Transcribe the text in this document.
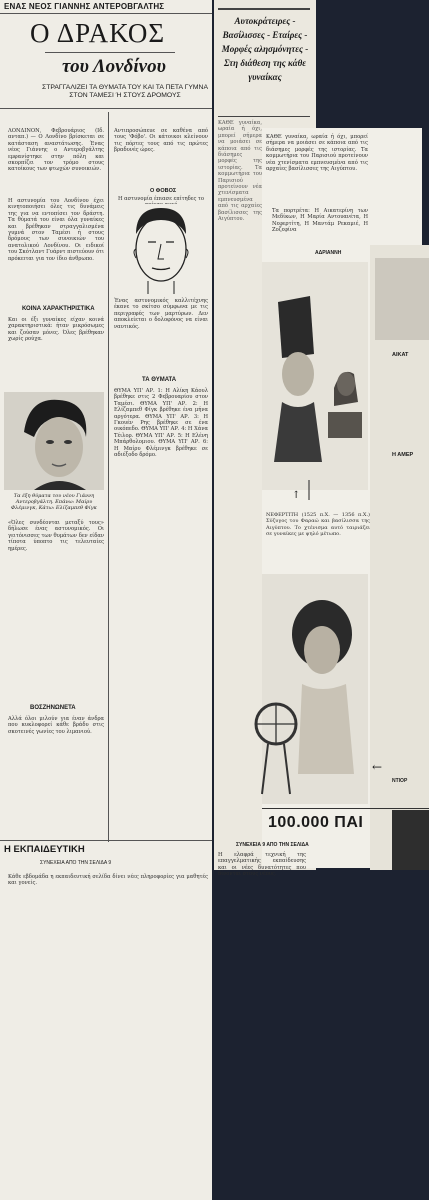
ΕΝΑΣ ΝΕΟΣ ΓΙΑΝΝΗΣ ΑΝΤΕΡΟΒΓΑΛΤΗΣ
Ο ΔΡΑΚΟΣ
του Λονδίνου
ΣΤΡΑΓΓΑΛΙΖΕΙ ΤΑ ΘΥΜΑΤΑ ΤΟΥ ΚΑΙ ΤΑ ΠΕΤΑ ΓΥΜΝΑ ΣΤΟΝ ΤΑΜΕΣΙ Ή ΣΤΟΥΣ ΔΡΟΜΟΥΣ
ΛΟΝΔΙΝΟΝ, Φεβρουάριος (Ιδ. ανταπ.) — Ο Λονδίνο βρίσκεται σε κατάσταση αναστάτωσης. Ένας νέος Γιάννης ο Αντεροβγάλτης εμφανίστηκε στην πόλη και σκορπίζει τον τρόμο στους κατοίκους των φτωχών συνοικιών.
Η αστυνομία του Λονδίνου έχει κινητοποιήσει όλες τις δυνάμεις της για να εντοπίσει τον δράστη. Τα θύματά του είναι όλα γυναίκες και βρέθηκαν στραγγαλισμένα γυμνά στον Ταμέσι ή στους δρόμους των συνοικιών του ανατολικού Λονδίνου. Οι ειδικοί του Σκότλαντ Γυάρντ πιστεύουν ότι πρόκειται για τον ίδιο άνθρωπο.
ΚΟΙΝΑ ΧΑΡΑΚΤΗΡΙΣΤΙΚΑ
Και οι έξι γυναίκες είχαν κοινά χαρακτηριστικά: ήταν μικρόσωμες και ζούσαν μόνες. Όλες βρέθηκαν χωρίς ρούχα.
Τα έξη θύματα του νέου Γιάννη Αντεροβγάλτη. Επάνω: Μαίρυ Φλέμινγκ, Κάτω: Ελίζαμπεθ Φίγκ
«Όλες συνδέονται μεταξύ τους» δήλωσε ένας αστυνομικός. Οι γειτόνισσες των θυμάτων δεν είδαν τίποτα ύποπτο τις τελευταίες ημέρες.
ΒΟΣΖΗΝΩΝΕΤΑ
Αλλά όλοι μιλούν για έναν άνδρα που κυκλοφορεί κάθε βράδυ στις σκοτεινές γωνίες του λιμανιού.
Η ΕΚΠΑΙΔΕΥΤΙΚΗ
ΣΥΝΕΧΕΙΑ ΑΠΟ ΤΗΝ ΣΕΛΙΔΑ 9
Κάθε εβδομάδα η εκπαιδευτική σελίδα δίνει νέες πληροφορίες για μαθητές και γονείς.
Αντιπροσώπευε σε καθένα από τους 'Φόβο'. Οι κάτοικοι κλείνουν τις πόρτες τους από τις πρώτες βραδυνές ώρες.
Ο ΦΟΒΟΣ
Η αστυνομία έπιασε επίτηδες το
Ένας αστυνομικός καλλιτέχνης έκανε το σκίτσο σύμφωνα με τις περιγραφές των μαρτύρων. Δεν αποκλείεται ο δολοφόνος να είναι ναυτικός.
ΤΑ ΘΥΜΑΤΑ
ΘΥΜΑ ΥΠ' ΑΡ. 1: Η Αλίκη Κάουλ βρέθηκε στις 2 Φεβρουαρίου στον Ταμέσι. ΘΥΜΑ ΥΠ' ΑΡ. 2: Η Ελίζαμπεθ Φίγκ βρέθηκε ένα μήνα αργότερα. ΘΥΜΑ ΥΠ' ΑΡ. 3: Η Γκουέν Ρης βρέθηκε σε ένα οικόπεδο. ΘΥΜΑ ΥΠ' ΑΡ. 4: Η Χάνα Τέιλορ. ΘΥΜΑ ΥΠ' ΑΡ. 5: Η Ελένη Μπάρθολομιου. ΘΥΜΑ ΥΠ' ΑΡ. 6: Η Μαίρυ Φλέμινγκ βρέθηκε σε αδιέξοδο δρόμο.
Αυτοκράτειρες - Βασίλισσες - Εταίρες - Μορφές αλησμόνητες - Στη διάθεση της κάθε γυναίκας
ΚΑΘΕ γυναίκα, ωραία ή όχι, μπορεί σήμερα να μοιάσει σε κάποια από τις διάσημες μορφές της ιστορίας. Τα κομμωτήρια του Παρισιού προτείνουν νέα χτενίσματα εμπνευσμένα από τις αρχαίες βασίλισσες της Αιγύπτου.
Τα πορτρέτα: Η Αικατερίνη των Μεδίκων, Η Μαρία Αντουανέτα, Η Νεφερτίτη, Η Μαντάμ Ρεκαμιέ, Η Ζοζεφίνα
ΚΑΘΕ γυναίκα, ωραία ή όχι, μπορεί σήμερα να μοιάσει σε κάποια από τις διάσημες μορφές της ιστορίας. Τα κομμωτήρια του Παρισιού προτείνουν νέα χτενίσματα εμπνευσμένα από τις αρχαίες βασίλισσες της Αιγύπτου.
ΑΔΡΙΑΝΝΗ
↑
ΝΕΦΕΡΤΙΤΗ (1525 π.Χ. — 1356 π.Χ.) Σύζυγος του Φαραώ και βασίλισσα της Αιγύπτου. Το χτένισμα αυτό ταιριάζει σε γυναίκες με ψηλό μέτωπο.
←
ΑΙΚΑΤ
Η ΑΜΕΡ
ΝΤΙΟΡ
100.000 ΠΑΙ
ΣΥΝΕΧΕΙΑ 9 ΑΠΟ ΤΗΝ ΣΕΛΙΔΑ
Η ελαφρά τεχνική της επαγγελματικής εκπαίδευσης και οι νέες δυνατότητες που δίνονται στους νέους.
